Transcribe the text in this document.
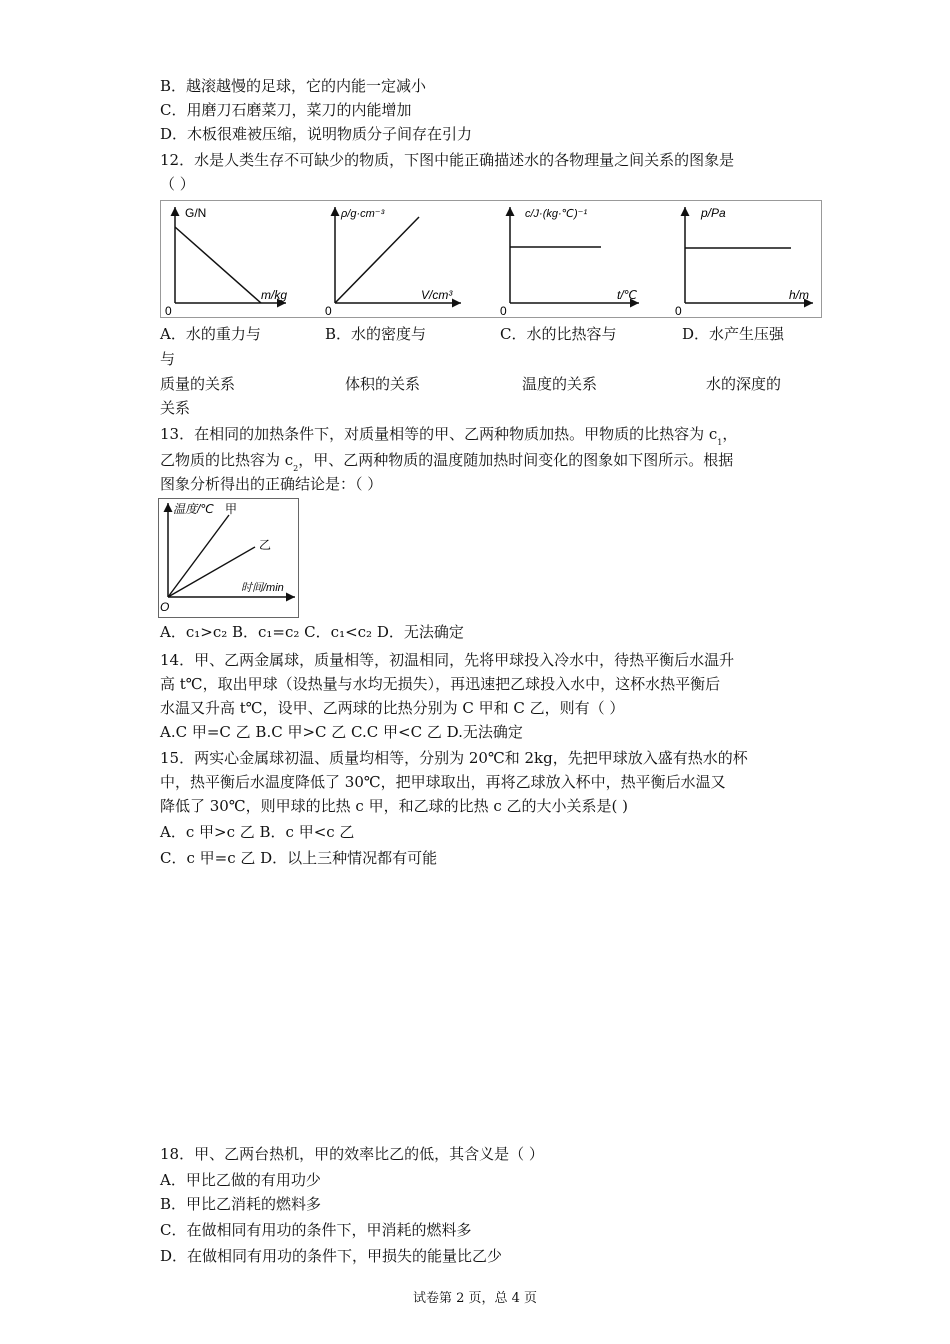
B．越滚越慢的足球，它的内能一定减小
C．用磨刀石磨菜刀，菜刀的内能增加
D．木板很难被压缩，说明物质分子间存在引力
12．水是人类生存不可缺少的物质，下图中能正确描述水的各物理量之间关系的图象是
（ ）
G/N
m/kg
0
ρ/g·cm⁻³
V/cm³
0
c/J·(kg·℃)⁻¹
t/℃
0
p/Pa
h/m
0
A．水的重力与	B．水的密度与	C．水的比热容与	D．水产生压强
与
质量的关系	体积的关系	温度的关系	水的深度的
关系
13．在相同的加热条件下，对质量相等的甲、乙两种物质加热。甲物质的比热容为 $c_1$，
乙物质的比热容为 $c_2$，甲、乙两种物质的温度随加热时间变化的图象如下图所示。根据
图象分析得出的正确结论是：（ ）
温度/℃ 甲
乙
时间/min
O
A．c₁>c₂ B．c₁=c₂ C．c₁<c₂ D．无法确定
14．甲、乙两金属球，质量相等，初温相同，先将甲球投入冷水中，待热平衡后水温升
高 t℃，取出甲球（设热量与水均无损失），再迅速把乙球投入水中，这杯水热平衡后
水温又升高 t℃，设甲、乙两球的比热分别为 C 甲和 C 乙，则有（ ）
A.C 甲=C 乙 B.C 甲>C 乙 C.C 甲<C 乙 D.无法确定
15．两实心金属球初温、质量均相等，分别为 20℃和 2kg，先把甲球放入盛有热水的杯
中，热平衡后水温度降低了 30℃，把甲球取出，再将乙球放入杯中，热平衡后水温又
降低了 30℃，则甲球的比热 c 甲，和乙球的比热 c 乙的大小关系是( )
A．c 甲>c 乙 B．c 甲<c 乙
C．c 甲=c 乙 D．以上三种情况都有可能
18．甲、乙两台热机，甲的效率比乙的低，其含义是（ ）
A．甲比乙做的有用功少
B．甲比乙消耗的燃料多
C．在做相同有用功的条件下，甲消耗的燃料多
D．在做相同有用功的条件下，甲损失的能量比乙少
试卷第 2 页，总 4 页
